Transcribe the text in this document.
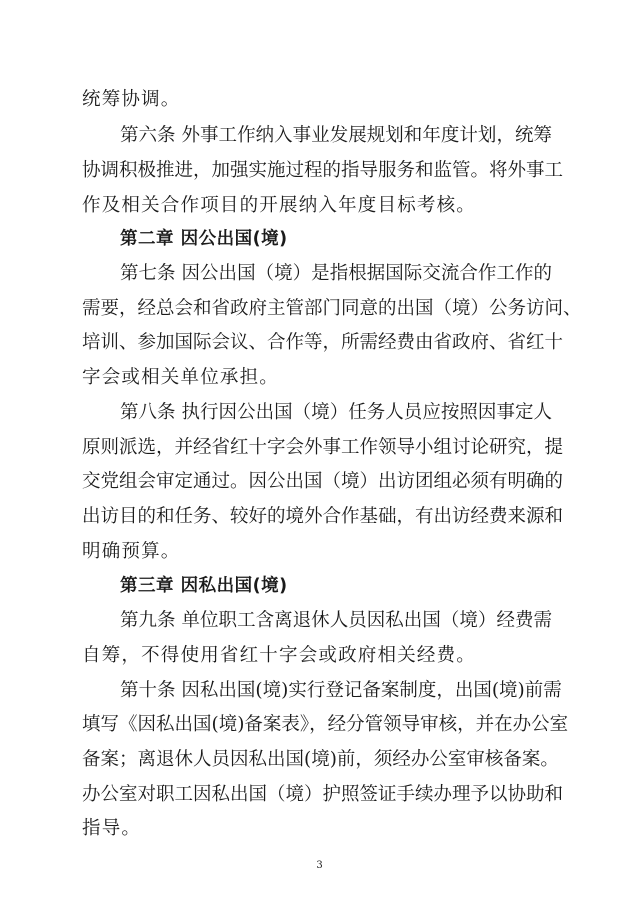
统筹协调。
第六条 外事工作纳入事业发展规划和年度计划，统筹
协调积极推进，加强实施过程的指导服务和监管。将外事工
作及相关合作项目的开展纳入年度目标考核。
第二章 因公出国(境)
第七条 因公出国（境）是指根据国际交流合作工作的
需要，经总会和省政府主管部门同意的出国（境）公务访问、
培训、参加国际会议、合作等，所需经费由省政府、省红十
字会或相关单位承担。
第八条 执行因公出国（境）任务人员应按照因事定人
原则派选，并经省红十字会外事工作领导小组讨论研究，提
交党组会审定通过。因公出国（境）出访团组必须有明确的
出访目的和任务、较好的境外合作基础，有出访经费来源和
明确预算。
第三章 因私出国(境)
第九条 单位职工含离退休人员因私出国（境）经费需
自筹，不得使用省红十字会或政府相关经费。
第十条 因私出国(境)实行登记备案制度，出国(境)前需
填写《因私出国(境)备案表》，经分管领导审核，并在办公室
备案；离退休人员因私出国(境)前，须经办公室审核备案。
办公室对职工因私出国（境）护照签证手续办理予以协助和
指导。
3
